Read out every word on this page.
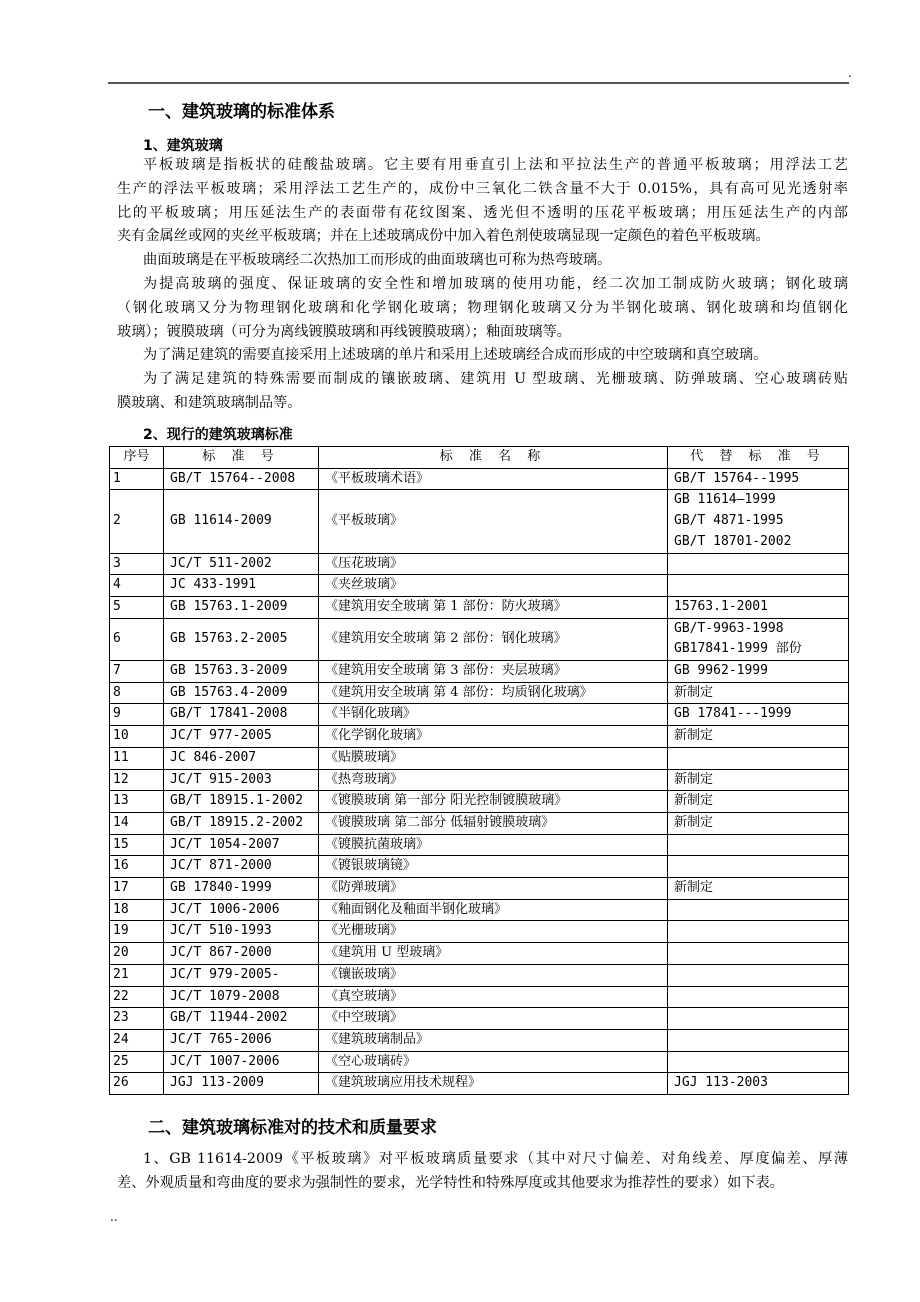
.
一、建筑玻璃的标准体系
1、建筑玻璃
平板玻璃是指板状的硅酸盐玻璃。它主要有用垂直引上法和平拉法生产的普通平板玻璃；用浮法工艺
生产的浮法平板玻璃；采用浮法工艺生产的，成份中三氧化二铁含量不大于 0.015%，具有高可见光透射率
比的平板玻璃；用压延法生产的表面带有花纹图案、透光但不透明的压花平板玻璃；用压延法生产的内部
夹有金属丝或网的夹丝平板玻璃；并在上述玻璃成份中加入着色剂使玻璃显现一定颜色的着色平板玻璃。
曲面玻璃是在平板玻璃经二次热加工而形成的曲面玻璃也可称为热弯玻璃。
为提高玻璃的强度、保证玻璃的安全性和增加玻璃的使用功能，经二次加工制成防火玻璃；钢化玻璃
（钢化玻璃又分为物理钢化玻璃和化学钢化玻璃；物理钢化玻璃又分为半钢化玻璃、钢化玻璃和均值钢化
玻璃）；镀膜玻璃（可分为离线镀膜玻璃和再线镀膜玻璃）；釉面玻璃等。
为了满足建筑的需要直接采用上述玻璃的单片和采用上述玻璃经合成而形成的中空玻璃和真空玻璃。
为了满足建筑的特殊需要而制成的镶嵌玻璃、建筑用 U 型玻璃、光栅玻璃、防弹玻璃、空心玻璃砖贴
膜玻璃、和建筑玻璃制品等。
2、现行的建筑玻璃标准
序号	标 准 号	标 准 名 称	代 替 标 准 号
1	GB/T 15764--2008	《平板玻璃术语》	GB/T 15764--1995

2	GB 11614-2009	《平板玻璃》	GB 11614—1999
GB/T 4871-1995
GB/T 18701-2002

3	JC/T 511-2002	《压花玻璃》	
4	JC 433-1991	《夹丝玻璃》	
5	GB 15763.1-2009	《建筑用安全玻璃 第 1 部份：防火玻璃》	15763.1-2001

6	GB 15763.2-2005	《建筑用安全玻璃 第 2 部份：钢化玻璃》	GB/T-9963-1998
GB17841-1999 部份

7	GB 15763.3-2009	《建筑用安全玻璃 第 3 部份：夹层玻璃》	GB 9962-1999

8	GB 15763.4-2009	《建筑用安全玻璃 第 4 部份：均质钢化玻璃》	新制定

9	GB/T 17841-2008	《半钢化玻璃》	GB 17841---1999

10	JC/T 977-2005	《化学钢化玻璃》	新制定

11	JC 846-2007	《贴膜玻璃》	
12	JC/T 915-2003	《热弯玻璃》	新制定

13	GB/T 18915.1-2002	《镀膜玻璃 第一部分 阳光控制镀膜玻璃》	新制定

14	GB/T 18915.2-2002	《镀膜玻璃 第二部分 低辐射镀膜玻璃》	新制定

15	JC/T 1054-2007	《镀膜抗菌玻璃》	
16	JC/T 871-2000	《镀银玻璃镜》	
17	GB 17840-1999	《防弹玻璃》	新制定

18	JC/T 1006-2006	《釉面钢化及釉面半钢化玻璃》	
19	JC/T 510-1993	《光栅玻璃》	
20	JC/T 867-2000	《建筑用 U 型玻璃》	
21	JC/T 979-2005-	《镶嵌玻璃》	
22	JC/T 1079-2008	《真空玻璃》	
23	GB/T 11944-2002	《中空玻璃》	
24	JC/T 765-2006	《建筑玻璃制品》	
25	JC/T 1007-2006	《空心玻璃砖》	
26	JGJ 113-2009	《建筑玻璃应用技术规程》	JGJ 113-2003
二、建筑玻璃标准对的技术和质量要求
1、GB 11614-2009《平板玻璃》对平板玻璃质量要求（其中对尺寸偏差、对角线差、厚度偏差、厚薄
差、外观质量和弯曲度的要求为强制性的要求，光学特性和特殊厚度或其他要求为推荐性的要求）如下表。
..
